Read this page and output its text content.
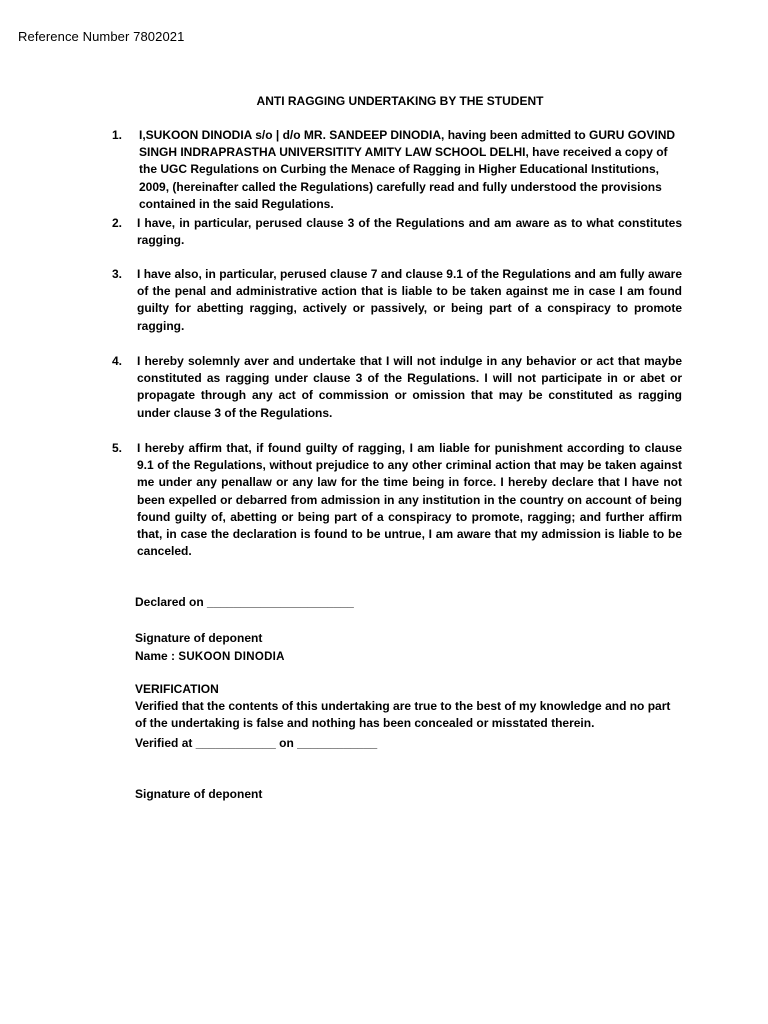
Reference Number 7802021
ANTI RAGGING UNDERTAKING BY THE STUDENT
1.	I,SUKOON DINODIA s/o | d/o MR. SANDEEP DINODIA, having been admitted to GURU GOVIND SINGH INDRAPRASTHA UNIVERSITITY AMITY LAW SCHOOL DELHI, have received a copy of the UGC Regulations on Curbing the Menace of Ragging in Higher Educational Institutions, 2009, (hereinafter called the Regulations) carefully read and fully understood the provisions contained in the said Regulations.
2.	I have, in particular, perused clause 3 of the Regulations and am aware as to what constitutes ragging.
3.	I have also, in particular, perused clause 7 and clause 9.1 of the Regulations and am fully aware of the penal and administrative action that is liable to be taken against me in case I am found guilty for abetting ragging, actively or passively, or being part of a conspiracy to promote ragging.
4.	I hereby solemnly aver and undertake that I will not indulge in any behavior or act that maybe constituted as ragging under clause 3 of the Regulations. I will not participate in or abet or propagate through any act of commission or omission that may be constituted as ragging under clause 3 of the Regulations.
5.	I hereby affirm that, if found guilty of ragging, I am liable for punishment according to clause 9.1 of the Regulations, without prejudice to any other criminal action that may be taken against me under any penallaw or any law for the time being in force. I hereby declare that I have not been expelled or debarred from admission in any institution in the country on account of being found guilty of, abetting or being part of a conspiracy to promote, ragging; and further affirm that, in case the declaration is found to be untrue, I am aware that my admission is liable to be canceled.
Declared on ______________________
Signature of deponent
Name : SUKOON DINODIA
VERIFICATION
Verified that the contents of this undertaking are true to the best of my knowledge and no part of the undertaking is false and nothing has been concealed or misstated therein.
Verified at ____________ on ____________
Signature of deponent
